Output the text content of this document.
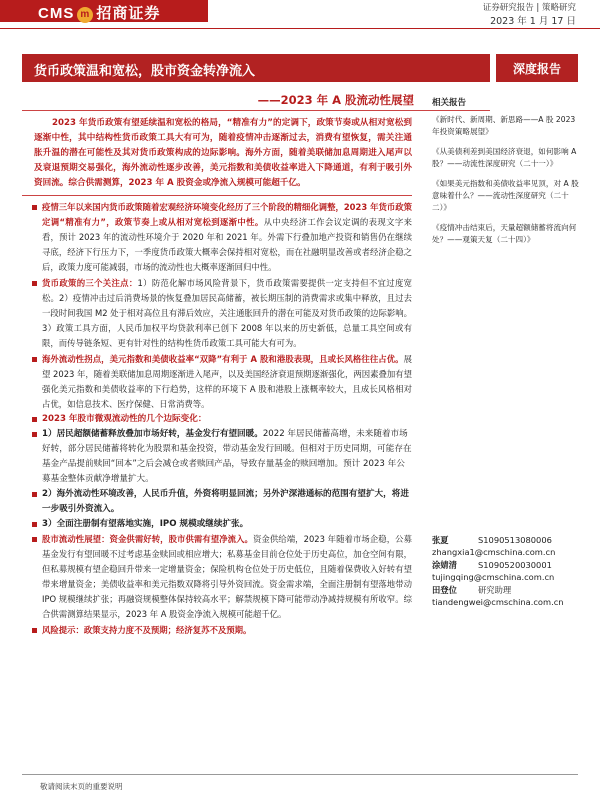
CMS m 招商证券	证券研究报告 | 策略研究
2023 年 1 月 17 日
货币政策温和宽松，股市资金转净流入	深度报告
——2023 年 A 股流动性展望
2023 年货币政策有望延续温和宽松的格局，“精准有力”的定调下，政策节奏或从相对宽松到逐渐中性，其中结构性货币政策工具大有可为，随着疫情冲击逐渐过去，消费有望恢复，需关注通胀升温的潜在可能性及其对货币政策构成的边际影响。海外方面，随着美联储加息周期进入尾声以及衰退预期交易强化，海外流动性逐步改善，美元指数和美债收益率进入下降通道，有利于吸引外资回流。综合供需测算，2023 年 A 股资金或净流入规模可能超千亿。
疫情三年以来国内货币政策随着宏观经济环境变化经历了三个阶段的精细化调整，2023 年货币政策定调“精准有力”，政策节奏上或从相对宽松到逐渐中性。从中央经济工作会议定调的表现文字来看，预计 2023 年的流动性环境介于 2020 年和 2021 年。外需下行叠加地产投资和销售仍在继续寻底，经济下行压力下，一季度货币政策大概率会保持相对宽松，而在社融明显改善或者经济企稳之后，政策力度可能减弱，市场的流动性也大概率逐渐回归中性。
货币政策的三个关注点：1）防范化解市场风险背景下，货币政策需要提供一定支持但不宜过度宽松。2）疫情冲击过后消费场景的恢复叠加居民高储蓄，被长期压制的消费需求或集中释放，且过去一段时间我国 M2 处于相对高位且有滞后效应，关注通胀回升的潜在可能及对货币政策的边际影响。3）政策工具方面，人民币加权平均贷款利率已创下 2008 年以来的历史新低，总量工具空间或有限，而传导链条短、更有针对性的结构性货币政策工具可能大有可为。
海外流动性拐点，美元指数和美债收益率“双降”有利于 A 股和港股表现，且或长风格往往占优。展望 2023 年，随着美联储加息周期逐渐进入尾声，以及美国经济衰退预期逐渐强化，两因素叠加有望强化美元指数和美债收益率的下行趋势，这样的环境下 A 股和港股上涨概率较大，且成长风格相对占优，如信息技术、医疗保健、日常消费等。
2023 年股市微观流动性的几个边际变化：
1）居民超额储蓄释放叠加市场好转，基金发行有望回暖。2022 年居民储蓄高增，未来随着市场好转，部分居民储蓄将转化为股票和基金投资，带动基金发行回暖。但相对于历史同期，可能存在基金产品提前赎回“回本”之后会减仓或者赎回产品，导致存量基金的赎回增加。预计 2023 年公募基金整体贡献净增量扩大。
2）海外流动性环境改善，人民币升值，外资将明显回流；另外沪深港通标的范围有望扩大，将进一步吸引外资流入。
3）全面注册制有望落地实施，IPO 规模或继续扩张。
股市流动性展望：资金供需好转，股市供需有望净流入。资金供给端，2023 年随着市场企稳，公募基金发行有望回暖不过考虑基金赎回或相应增大；私募基金目前仓位处于历史高位，加仓空间有限，但私募规模有望企稳回升带来一定增量资金；保险机构仓位处于历史低位，且随着保费收入好转有望带来增量资金；美债收益率和美元指数双降将引导外资回流。资金需求端，全面注册制有望落地带动 IPO 规模继续扩张；再融资规模整体保持较高水平；解禁规模下降可能带动净减持规模有所收窄。综合供需测算结果显示，2023 年 A 股资金净流入规模可能超千亿。
风险提示：政策支持力度不及预期；经济复苏不及预期。
相关报告
《新时代、新周期、新思路——A 股 2023 年投资策略展望》
《从美债利差到美国经济衰退，如何影响 A 股？——动流性深度研究（二十一）》
《如果美元指数和美债收益率见顶，对 A 股意味着什么？——流动性深度研究（二十二）》
《疫情冲击结束后，天量超额储蓄将流向何处？——观策天复（二十四）》
张夏	S1090513080006
zhangxia1@cmschina.com.cn
涂婧清	S1090520030001
tujingqing@cmschina.com.cn
田登位	研究助理
tiandengwei@cmschina.com.cn
敬请阅读末页的重要说明
